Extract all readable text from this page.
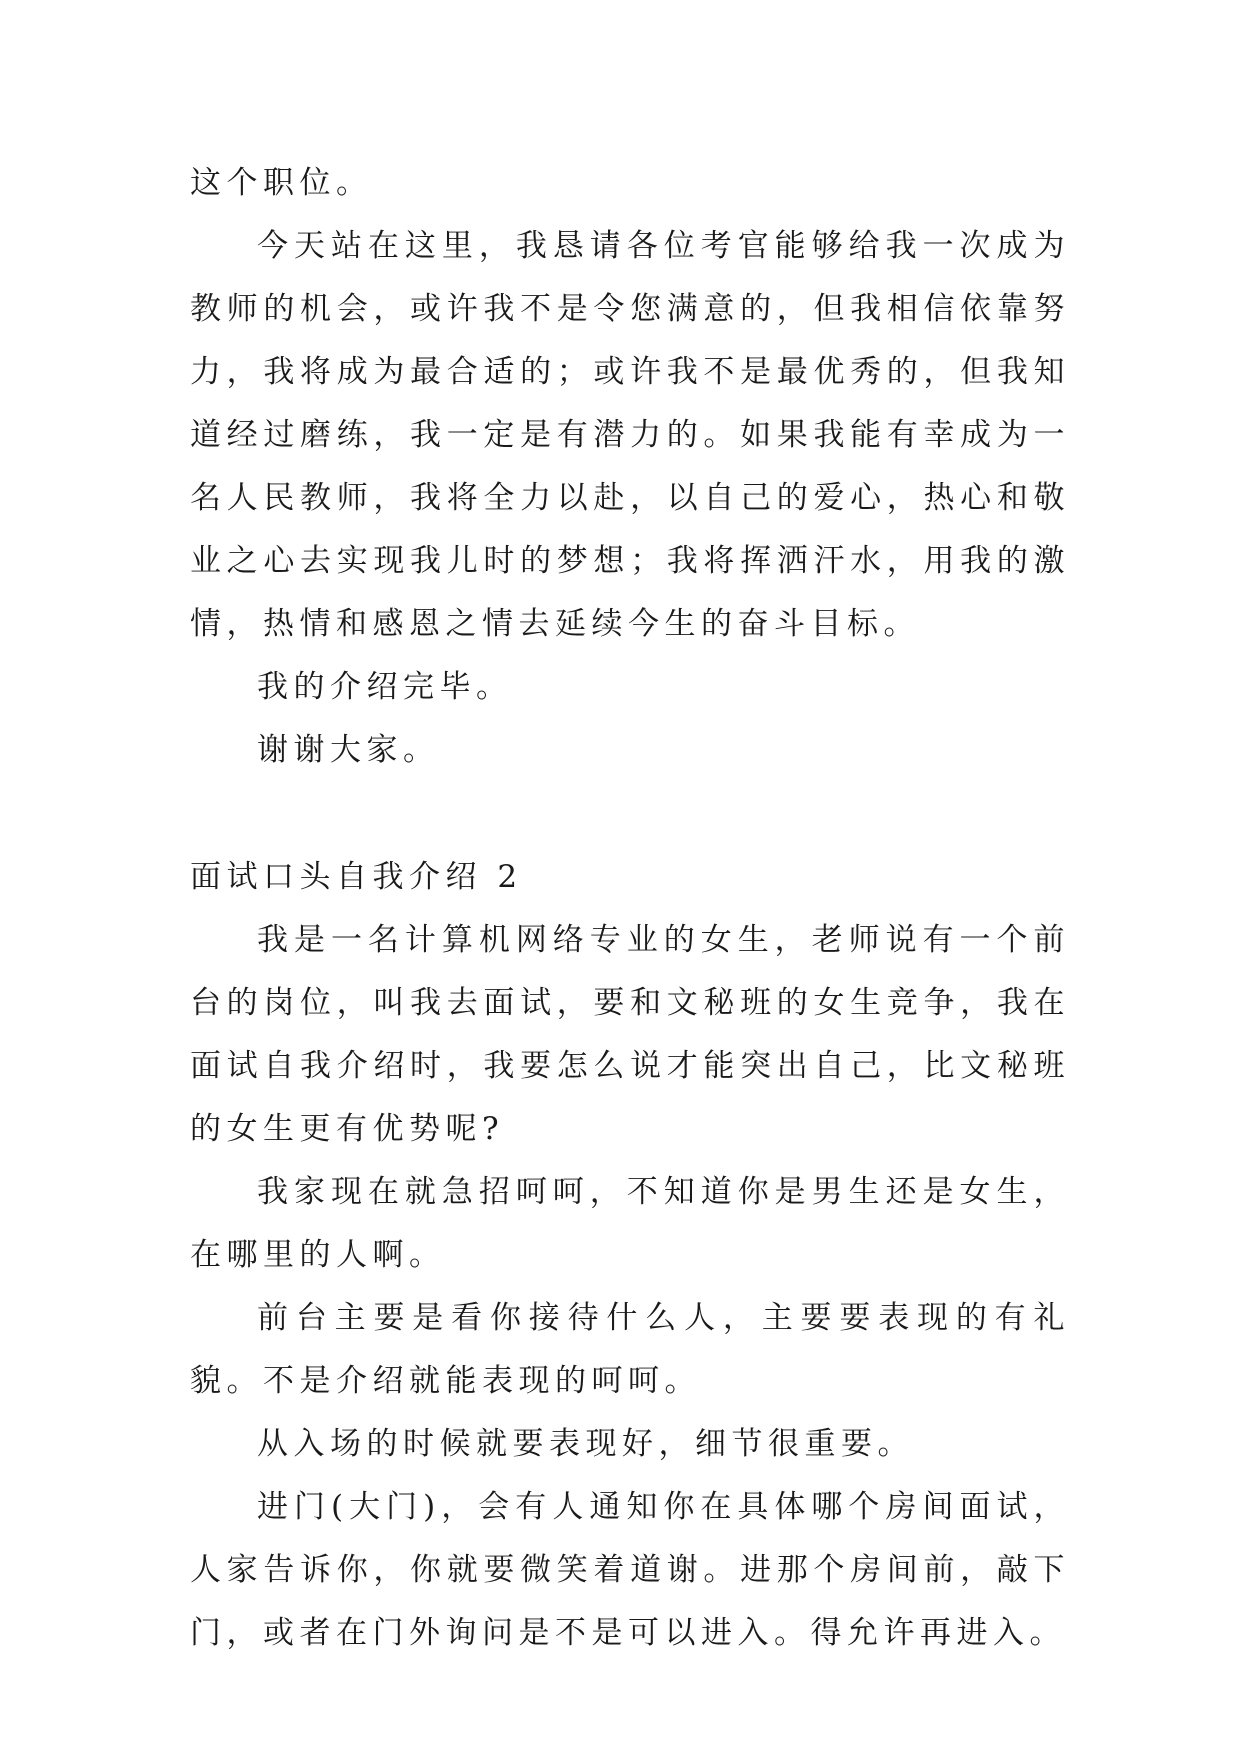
这个职位。

今天站在这里，我恳请各位考官能够给我一次成为教师的机会，或许我不是令您满意的，但我相信依靠努力，我将成为最合适的；或许我不是最优秀的，但我知道经过磨练，我一定是有潜力的。如果我能有幸成为一名人民教师，我将全力以赴，以自己的爱心，热心和敬业之心去实现我儿时的梦想；我将挥洒汗水，用我的激情，热情和感恩之情去延续今生的奋斗目标。

我的介绍完毕。

谢谢大家。

面试口头自我介绍 2

我是一名计算机网络专业的女生，老师说有一个前台的岗位，叫我去面试，要和文秘班的女生竞争，我在面试自我介绍时，我要怎么说才能突出自己，比文秘班的女生更有优势呢?

我家现在就急招呵呵，不知道你是男生还是女生，在哪里的人啊。

前台主要是看你接待什么人，主要要表现的有礼貌。不是介绍就能表现的呵呵。

从入场的时候就要表现好，细节很重要。

进门(大门)，会有人通知你在具体哪个房间面试，人家告诉你，你就要微笑着道谢。进那个房间前，敲下门，或者在门外询问是不是可以进入。得允许再进入。
